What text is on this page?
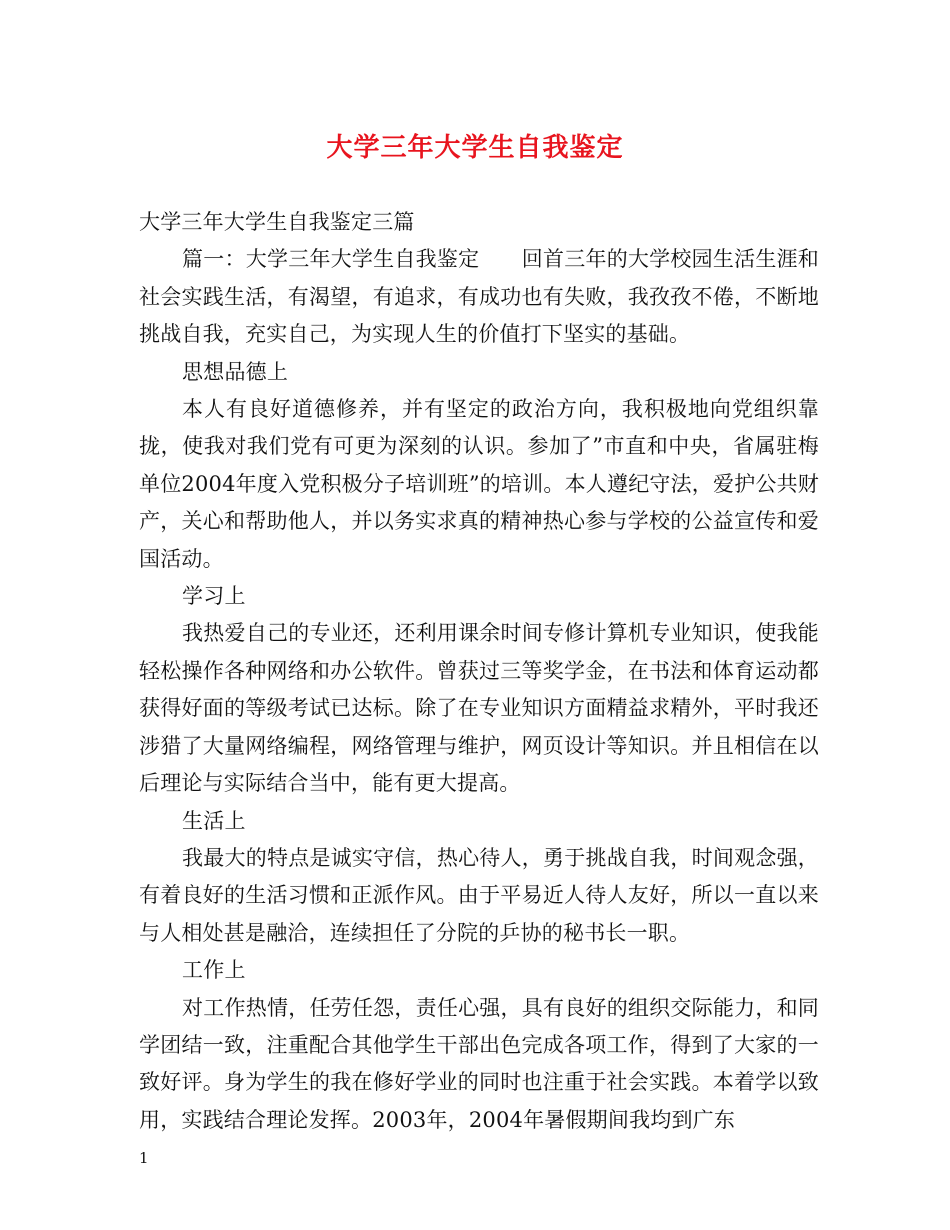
大学三年大学生自我鉴定

大学三年大学生自我鉴定三篇

篇一：大学三年大学生自我鉴定　　回首三年的大学校园生活生涯和社会实践生活，有渴望，有追求，有成功也有失败，我孜孜不倦，不断地挑战自我，充实自己，为实现人生的价值打下坚实的基础。

思想品德上

本人有良好道德修养，并有坚定的政治方向，我积极地向党组织靠拢，使我对我们党有可更为深刻的认识。参加了”市直和中央，省属驻梅单位2004年度入党积极分子培训班”的培训。本人遵纪守法，爱护公共财产，关心和帮助他人，并以务实求真的精神热心参与学校的公益宣传和爱国活动。

学习上

我热爱自己的专业还，还利用课余时间专修计算机专业知识，使我能轻松操作各种网络和办公软件。曾获过三等奖学金，在书法和体育运动都获得好面的等级考试已达标。除了在专业知识方面精益求精外，平时我还涉猎了大量网络编程，网络管理与维护，网页设计等知识。并且相信在以后理论与实际结合当中，能有更大提高。

生活上

我最大的特点是诚实守信，热心待人，勇于挑战自我，时间观念强，有着良好的生活习惯和正派作风。由于平易近人待人友好，所以一直以来与人相处甚是融洽，连续担任了分院的乒协的秘书长一职。

工作上

对工作热情，任劳任怨，责任心强，具有良好的组织交际能力，和同学团结一致，注重配合其他学生干部出色完成各项工作，得到了大家的一致好评。身为学生的我在修好学业的同时也注重于社会实践。本着学以致用，实践结合理论发挥。2003年，2004年暑假期间我均到广东

1
